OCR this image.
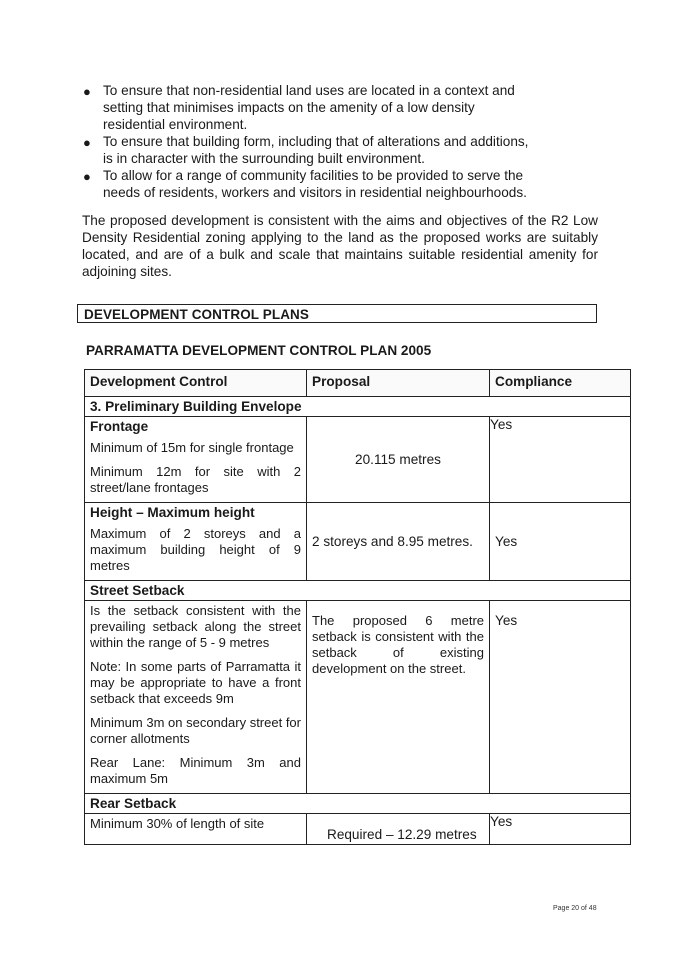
● To ensure that non-residential land uses are located in a context and setting that minimises impacts on the amenity of a low density residential environment.
● To ensure that building form, including that of alterations and additions, is in character with the surrounding built environment.
● To allow for a range of community facilities to be provided to serve the needs of residents, workers and visitors in residential neighbourhoods.

The proposed development is consistent with the aims and objectives of the R2 Low Density Residential zoning applying to the land as the proposed works are suitably located, and are of a bulk and scale that maintains suitable residential amenity for adjoining sites.

DEVELOPMENT CONTROL PLANS

PARRAMATTA DEVELOPMENT CONTROL PLAN 2005

Development Control	Proposal	Compliance

3. Preliminary Building Envelope		

Frontage
Minimum of 15m for single frontage
Minimum 12m for site with 2 street/lane frontages	20.115 metres	Yes

Height – Maximum height
Maximum of 2 storeys and a maximum building height of 9 metres	2 storeys and 8.95 metres.	Yes
Street Setback		

Is the setback consistent with the prevailing setback along the street within the range of 5 - 9 metres
Note: In some parts of Parramatta it may be appropriate to have a front setback that exceeds 9m
Minimum 3m on secondary street for corner allotments
Rear Lane: Minimum 3m and maximum 5m	The proposed 6 metre setback is consistent with the setback of existing development on the street.	Yes

Rear Setback		

Minimum 30% of length of site	Required – 12.29 metres	Yes
Page 20 of 48
